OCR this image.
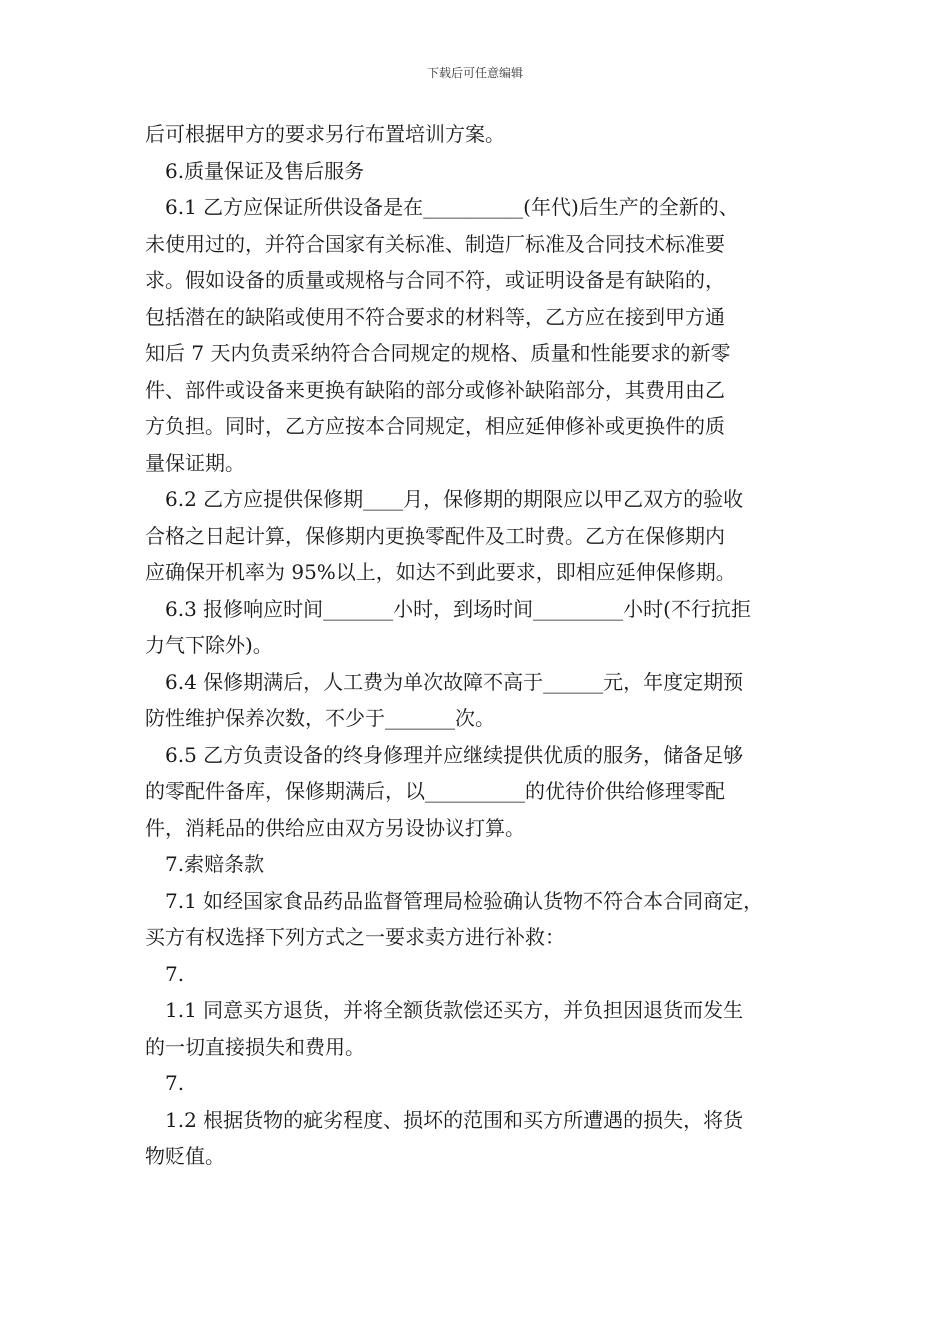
下载后可任意编辑

后可根据甲方的要求另行布置培训方案。

6.质量保证及售后服务

6.1 乙方应保证所供设备是在__________(年代)后生产的全新的、

未使用过的，并符合国家有关标准、制造厂标准及合同技术标准要

求。假如设备的质量或规格与合同不符，或证明设备是有缺陷的，

包括潜在的缺陷或使用不符合要求的材料等，乙方应在接到甲方通

知后 7 天内负责采纳符合合同规定的规格、质量和性能要求的新零

件、部件或设备来更换有缺陷的部分或修补缺陷部分，其费用由乙

方负担。同时，乙方应按本合同规定，相应延伸修补或更换件的质

量保证期。

6.2 乙方应提供保修期____月，保修期的期限应以甲乙双方的验收

合格之日起计算，保修期内更换零配件及工时费。乙方在保修期内

应确保开机率为 95%以上，如达不到此要求，即相应延伸保修期。

6.3 报修响应时间_______小时，到场时间_________小时(不行抗拒

力气下除外)。

6.4 保修期满后，人工费为单次故障不高于______元，年度定期预

防性维护保养次数，不少于_______次。

6.5 乙方负责设备的终身修理并应继续提供优质的服务，储备足够

的零配件备库，保修期满后，以__________的优待价供给修理零配

件，消耗品的供给应由双方另设协议打算。

7.索赔条款

7.1 如经国家食品药品监督管理局检验确认货物不符合本合同商定，

买方有权选择下列方式之一要求卖方进行补救：

7.

1.1 同意买方退货，并将全额货款偿还买方，并负担因退货而发生

的一切直接损失和费用。

7.

1.2 根据货物的疵劣程度、损坏的范围和买方所遭遇的损失，将货

物贬值。
